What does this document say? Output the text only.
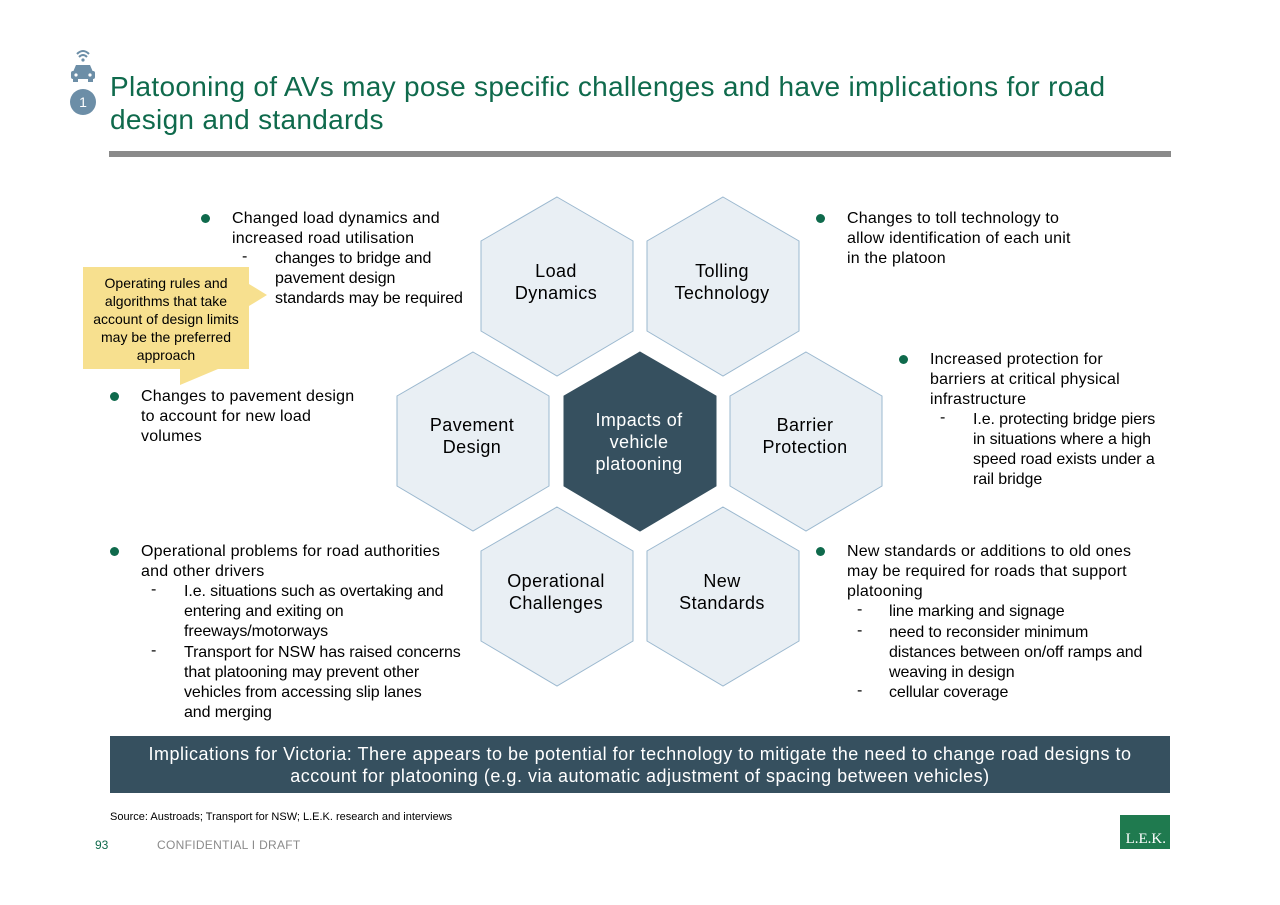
1 Platooning of AVs may pose specific challenges and have implications for road design and standards
Load
Dynamics
Tolling
Technology
Pavement
Design
Impacts of
vehicle
platooning
Barrier
Protection
Operational
Challenges
New
Standards
Operating rules and algorithms that take account of design limits may be the preferred approach
Changed load dynamics and
increased road utilisation
- changes to bridge and
pavement design
standards may be required
Changes to toll technology to
allow identification of each unit
in the platoon
Changes to pavement design
to account for new load
volumes
Increased protection for
barriers at critical physical
infrastructure
- I.e. protecting bridge piers
in situations where a high
speed road exists under a
rail bridge
Operational problems for road authorities
and other drivers
- I.e. situations such as overtaking and
entering and exiting on
freeways/motorways
- Transport for NSW has raised concerns
that platooning may prevent other
vehicles from accessing slip lanes
and merging
New standards or additions to old ones
may be required for roads that support
platooning
- line marking and signage
- need to reconsider minimum
distances between on/off ramps and
weaving in design
- cellular coverage
Implications for Victoria: There appears to be potential for technology to mitigate the need to change road designs to
account for platooning (e.g. via automatic adjustment of spacing between vehicles)
Source: Austroads; Transport for NSW; L.E.K. research and interviews
93	CONFIDENTIAL I DRAFT	L.E.K.
